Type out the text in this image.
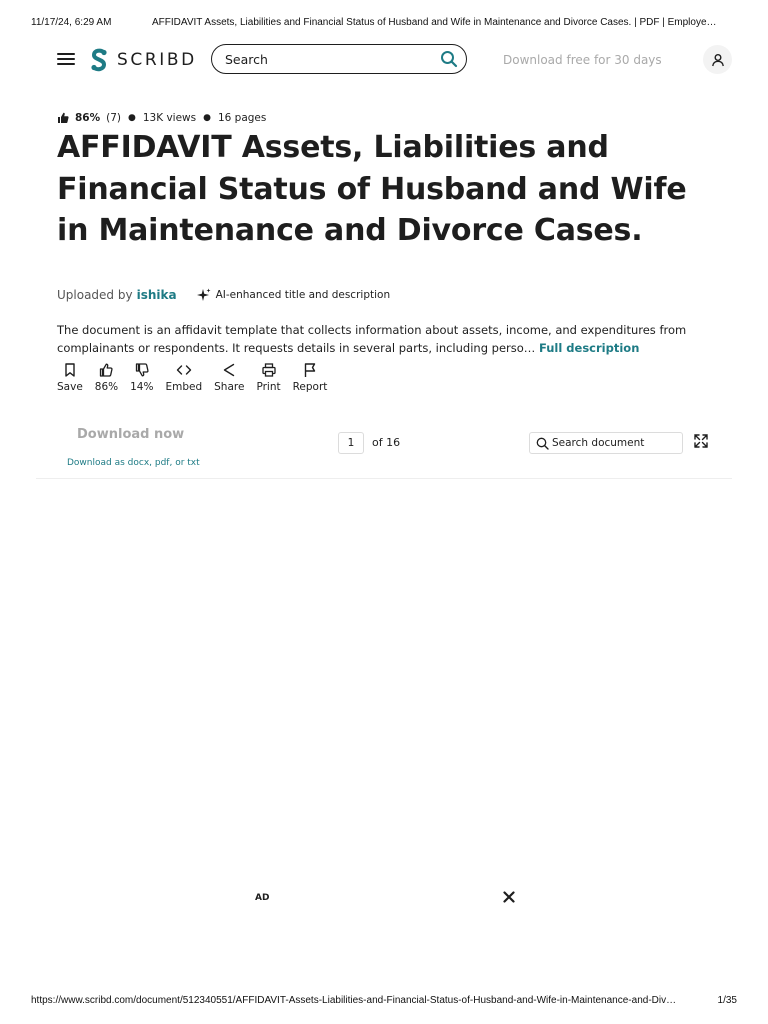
11/17/24, 6:29 AM	AFFIDAVIT Assets, Liabilities and Financial Status of Husband and Wife in Maintenance and Divorce Cases. | PDF | Employe…
SCRIBD
Search	Download free for 30 days
86% (7) ● 13K views ● 16 pages
AFFIDAVIT Assets, Liabilities and Financial Status of Husband and Wife in Maintenance and Divorce Cases.
Uploaded by ishika	AI-enhanced title and description

The document is an affidavit template that collects information about assets, income, and expenditures from complainants or respondents. It requests details in several parts, including perso… Full description

Save 86% 14% Embed Share Print Report
Download now
Download as docx, pdf, or txt
1
of 16
Search document
AD
https://www.scribd.com/document/512340551/AFFIDAVIT-Assets-Liabilities-and-Financial-Status-of-Husband-and-Wife-in-Maintenance-and-Div…	1/35
